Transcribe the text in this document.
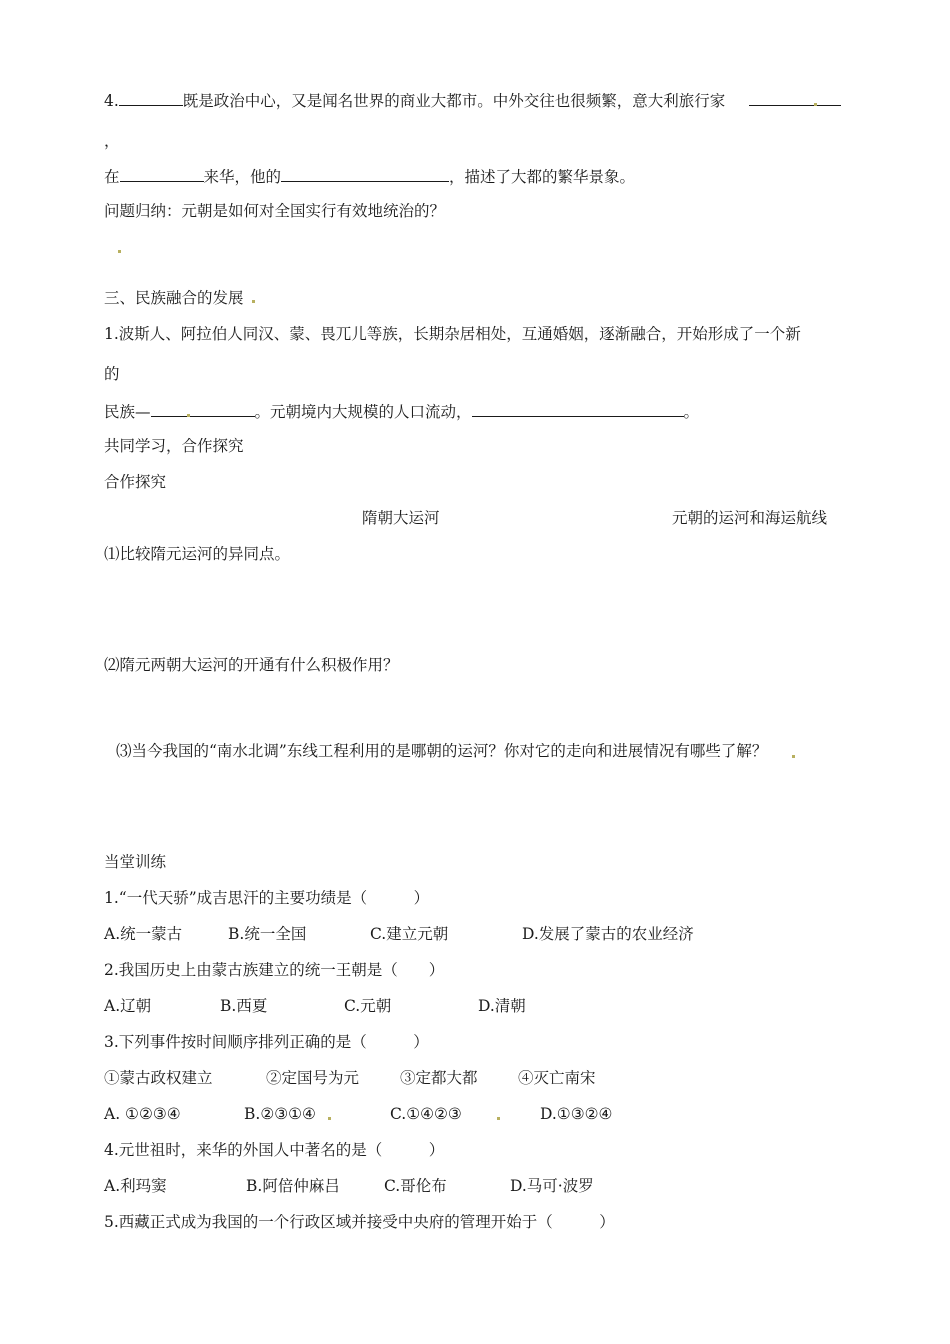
4.	既是政治中心，又是闻名世界的商业大都市。中外交往也很频繁，意大利旅行家
，
在	来华，他的	，描述了大都的繁华景象。
问题归纳：元朝是如何对全国实行有效地统治的？
三、民族融合的发展
1.波斯人、阿拉伯人同汉、蒙、畏兀儿等族，长期杂居相处，互通婚姻，逐渐融合，开始形成了一个新
的
民族—	。元朝境内大规模的人口流动，	。
共同学习，合作探究
合作探究
隋朝大运河	元朝的运河和海运航线
⑴比较隋元运河的异同点。
⑵隋元两朝大运河的开通有什么积极作用？
⑶当今我国的“南水北调”东线工程利用的是哪朝的运河？你对它的走向和进展情况有哪些了解？
当堂训练
1.“一代天骄”成吉思汗的主要功绩是（　　　）
A.统一蒙古	B.统一全国	C.建立元朝	D.发展了蒙古的农业经济
2.我国历史上由蒙古族建立的统一王朝是（　　）
A.辽朝	B.西夏	C.元朝	D.清朝
3.下列事件按时间顺序排列正确的是（　　　）
①蒙古政权建立	②定国号为元	③定都大都	④灭亡南宋
A. ①②③④	B.②③①④	C.①④②③	D.①③②④
4.元世祖时，来华的外国人中著名的是（　　　）
A.利玛窦	B.阿倍仲麻吕	C.哥伦布	D.马可·波罗
5.西藏正式成为我国的一个行政区域并接受中央府的管理开始于（　　　）
